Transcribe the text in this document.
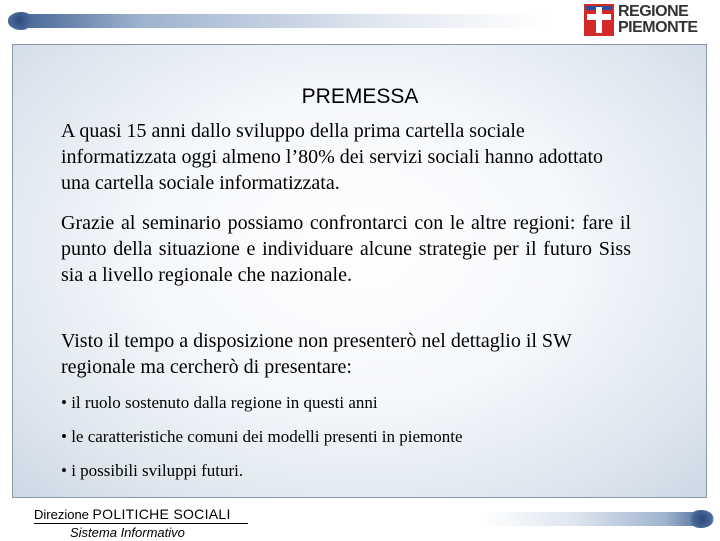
REGIONE
PIEMONTE
PREMESSA

A quasi 15 anni dallo sviluppo della prima cartella sociale informatizzata oggi almeno l’80% dei servizi sociali hanno adottato una cartella sociale informatizzata.

Grazie al seminario possiamo confrontarci con le altre regioni: fare il punto della situazione e individuare alcune strategie per il futuro Siss sia a livello regionale che nazionale.

Visto il tempo a disposizione non presenterò nel dettaglio il SW regionale ma cercherò di presentare:

• il ruolo sostenuto dalla regione in questi anni

• le caratteristiche comuni dei modelli presenti in piemonte

• i possibili sviluppi futuri.

Direzione POLITICHE SOCIALI
Sistema Informativo
